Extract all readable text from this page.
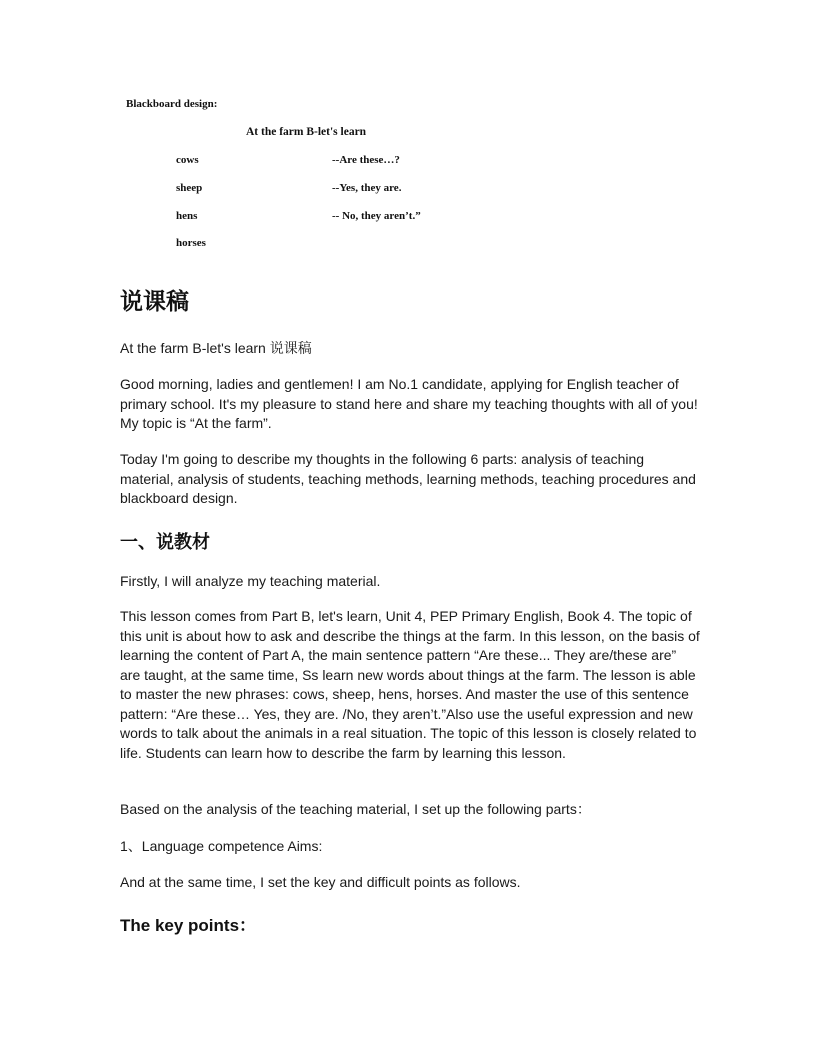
Blackboard design:
At the farm B-let's learn
cows	--Are these…?
sheep	--Yes, they are.
hens	-- No, they aren’t.”
horses
说课稿
At the farm B-let's learn 说课稿
Good morning, ladies and gentlemen! I am No.1 candidate, applying for English teacher of primary school. It's my pleasure to stand here and share my teaching thoughts with all of you! My topic is “At the farm”.
Today I'm going to describe my thoughts in the following 6 parts: analysis of teaching material, analysis of students, teaching methods, learning methods, teaching procedures and blackboard design.
一、说教材
Firstly, I will analyze my teaching material.
This lesson comes from Part B, let's learn, Unit 4, PEP Primary English, Book 4. The topic of this unit is about how to ask and describe the things at the farm. In this lesson, on the basis of learning the content of Part A, the main sentence pattern “Are these... They are/these are” are taught, at the same time, Ss learn new words about things at the farm. The lesson is able to master the new phrases: cows, sheep, hens, horses. And master the use of this sentence pattern: “Are these… Yes, they are. /No, they aren’t.”Also use the useful expression and new words to talk about the animals in a real situation. The topic of this lesson is closely related to life. Students can learn how to describe the farm by learning this lesson.
Based on the analysis of the teaching material, I set up the following parts：
1、Language competence Aims:
And at the same time, I set the key and difficult points as follows.
The key points：
